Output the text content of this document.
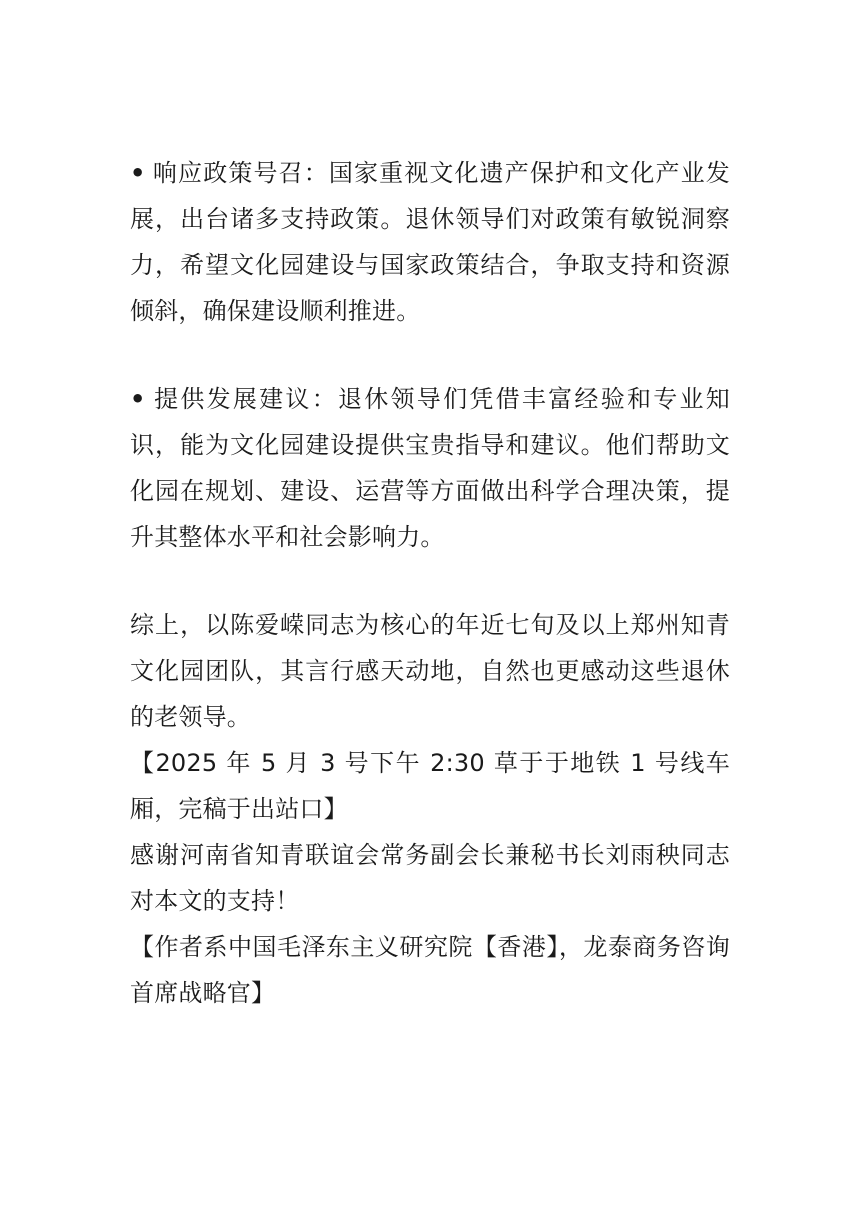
• 响应政策号召：国家重视文化遗产保护和文化产业发展，出台诸多支持政策。退休领导们对政策有敏锐洞察力，希望文化园建设与国家政策结合，争取支持和资源倾斜，确保建设顺利推进。

• 提供发展建议：退休领导们凭借丰富经验和专业知识，能为文化园建设提供宝贵指导和建议。他们帮助文化园在规划、建设、运营等方面做出科学合理决策，提升其整体水平和社会影响力。

综上，以陈爱嵘同志为核心的年近七旬及以上郑州知青文化园团队，其言行感天动地，自然也更感动这些退休的老领导。

【2025 年 5 月 3 号下午 2:30 草于于地铁 1 号线车厢，完稿于出站口】

感谢河南省知青联谊会常务副会长兼秘书长刘雨秧同志对本文的支持！

【作者系中国毛泽东主义研究院【香港】，龙泰商务咨询首席战略官】
